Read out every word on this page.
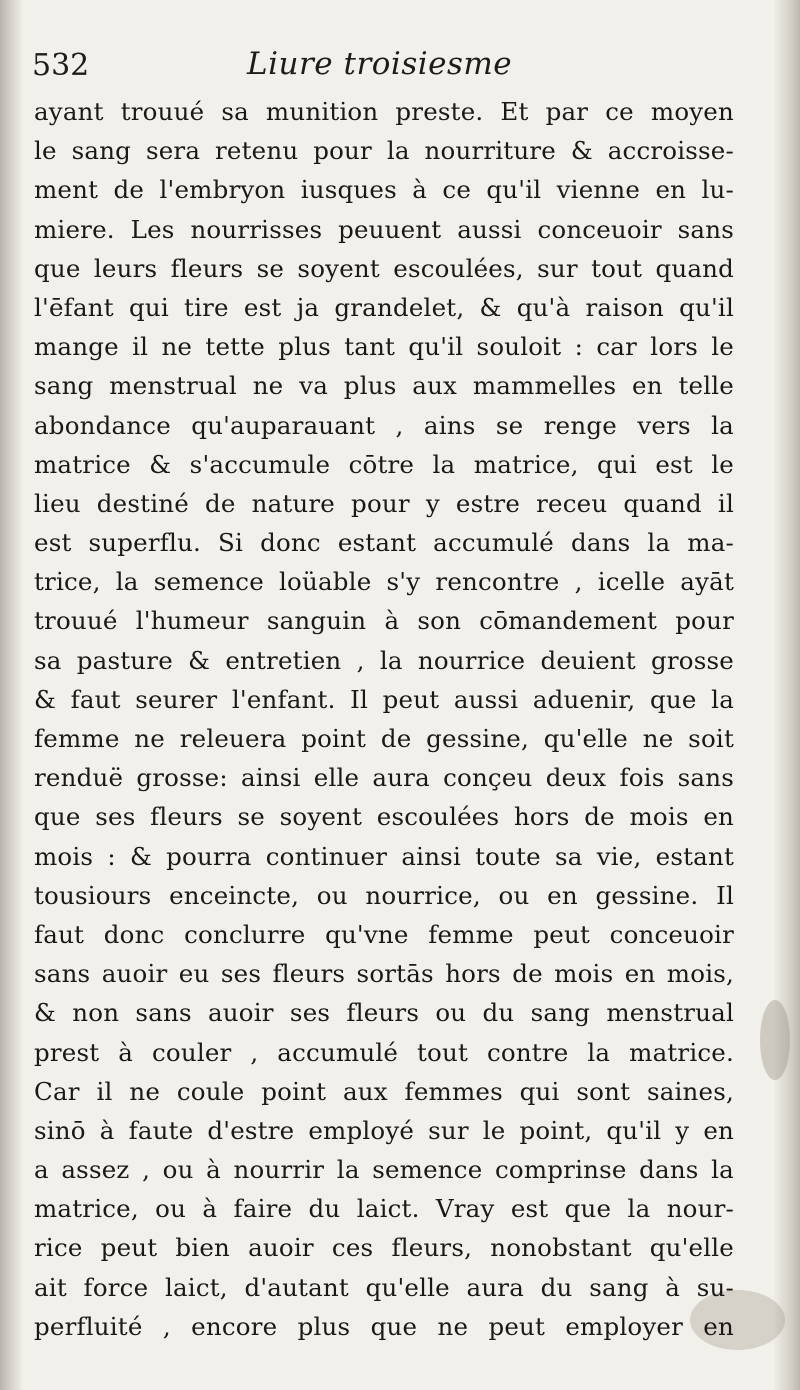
532	Liure troisiesme
ayant trouué sa munition preste. Et par ce moyen
le sang sera retenu pour la nourriture & accroisse-
ment de l'embryon iusques à ce qu'il vienne en lu-
miere. Les nourrisses peuuent aussi conceuoir sans
que leurs fleurs se soyent escoulées, sur tout quand
l'ēfant qui tire est ja grandelet, & qu'à raison qu'il
mange il ne tette plus tant qu'il souloit : car lors le
sang menstrual ne va plus aux mammelles en telle
abondance qu'auparauant , ains se renge vers la
matrice & s'accumule cōtre la matrice, qui est le
lieu destiné de nature pour y estre receu quand il
est superflu. Si donc estant accumulé dans la ma-
trice, la semence loüable s'y rencontre , icelle ayāt
trouué l'humeur sanguin à son cōmandement pour
sa pasture & entretien , la nourrice deuient grosse
& faut seurer l'enfant. Il peut aussi aduenir, que la
femme ne releuera point de gessine, qu'elle ne soit
renduë grosse: ainsi elle aura conçeu deux fois sans
que ses fleurs se soyent escoulées hors de mois en
mois : & pourra continuer ainsi toute sa vie, estant
tousiours enceincte, ou nourrice, ou en gessine. Il
faut donc conclurre qu'vne femme peut conceuoir
sans auoir eu ses fleurs sortās hors de mois en mois,
& non sans auoir ses fleurs ou du sang menstrual
prest à couler , accumulé tout contre la matrice.
Car il ne coule point aux femmes qui sont saines,
sinō à faute d'estre employé sur le point, qu'il y en
a assez , ou à nourrir la semence comprinse dans la
matrice, ou à faire du laict. Vray est que la nour-
rice peut bien auoir ces fleurs, nonobstant qu'elle
ait force laict, d'autant qu'elle aura du sang à su-
perfluité , encore plus que ne peut employer en
